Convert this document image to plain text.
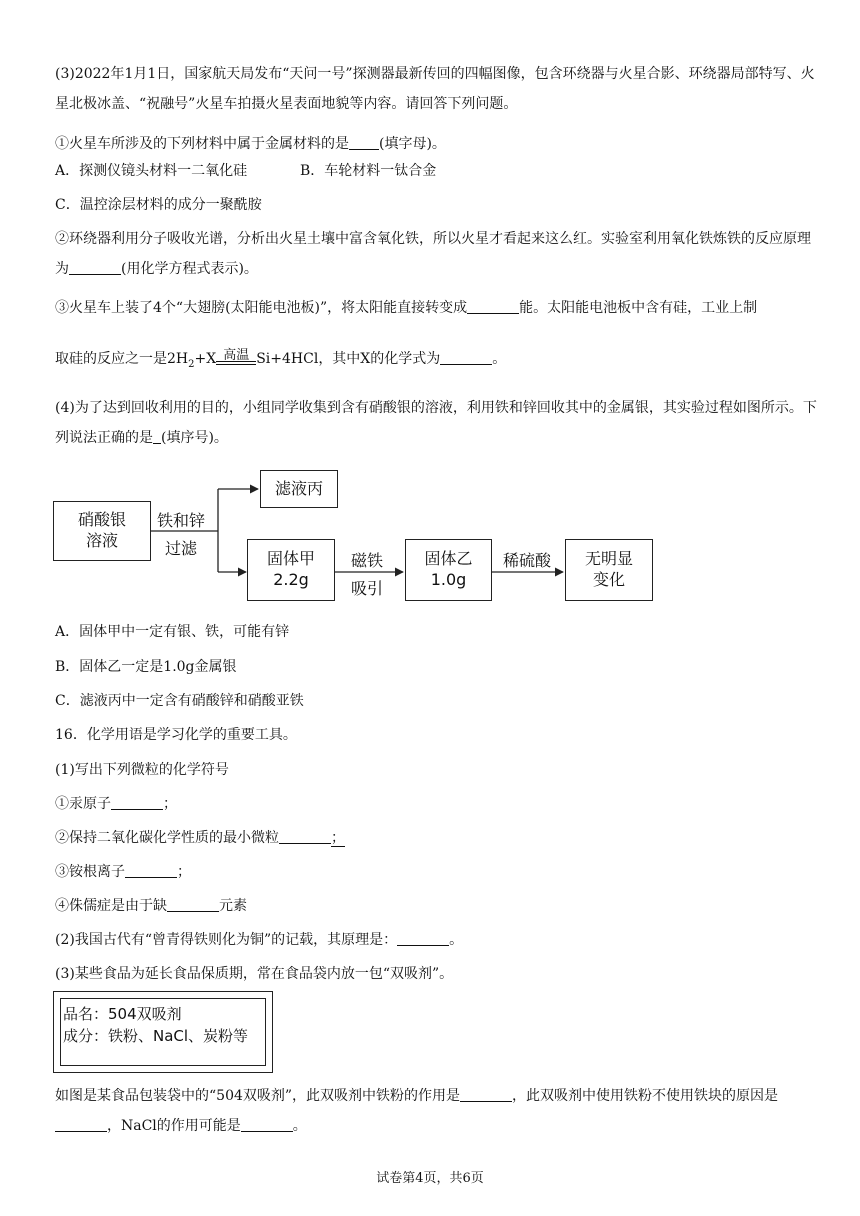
(3)2022年1月1日，国家航天局发布“天问一号”探测器最新传回的四幅图像，包含环绕器与火星合影、环绕器局部特写、火星北极冰盖、“祝融号”火星车拍摄火星表面地貌等内容。请回答下列问题。
①火星车所涉及的下列材料中属于金属材料的是 (填字母)。
A．探测仪镜头材料一二氧化硅	B．车轮材料一钛合金
C．温控涂层材料的成分一聚酰胺
②环绕器利用分子吸收光谱，分析出火星土壤中富含氧化铁，所以火星才看起来这么红。实验室利用氧化铁炼铁的反应原理为	(用化学方程式表示)。
③火星车上装了4个“大翅膀(太阳能电池板)”，将太阳能直接转变成	能。太阳能电池板中含有硅，工业上制
取硅的反应之一是$2H_2+X$ 高温 Si+4HCl，其中X的化学式为	。
(4)为了达到回收利用的目的，小组同学收集到含有硝酸银的溶液，利用铁和锌回收其中的金属银，其实验过程如图所示。下列说法正确的是 (填序号)。
硝酸银
溶液
铁和锌
过滤
滤液丙
固体甲
2.2g
磁铁
吸引
固体乙
1.0g
稀硫酸	无明显
变化
A．固体甲中一定有银、铁，可能有锌
B．固体乙一定是1.0g金属银
C．滤液丙中一定含有硝酸锌和硝酸亚铁
16．化学用语是学习化学的重要工具。
(1)写出下列微粒的化学符号
①汞原子	；
②保持二氧化碳化学性质的最小微粒	；
③铵根离子	；
④侏儒症是由于缺	元素
(2)我国古代有“曾青得铁则化为铜”的记载，其原理是：	。
(3)某些食品为延长食品保质期，常在食品袋内放一包“双吸剂”。
品名：504双吸剂
成分：铁粉、NaCl、炭粉等
如图是某食品包装袋中的“504双吸剂”，此双吸剂中铁粉的作用是	，此双吸剂中使用铁粉不使用铁块的原因是，NaCl的作用可能是	。
试卷第4页，共6页
